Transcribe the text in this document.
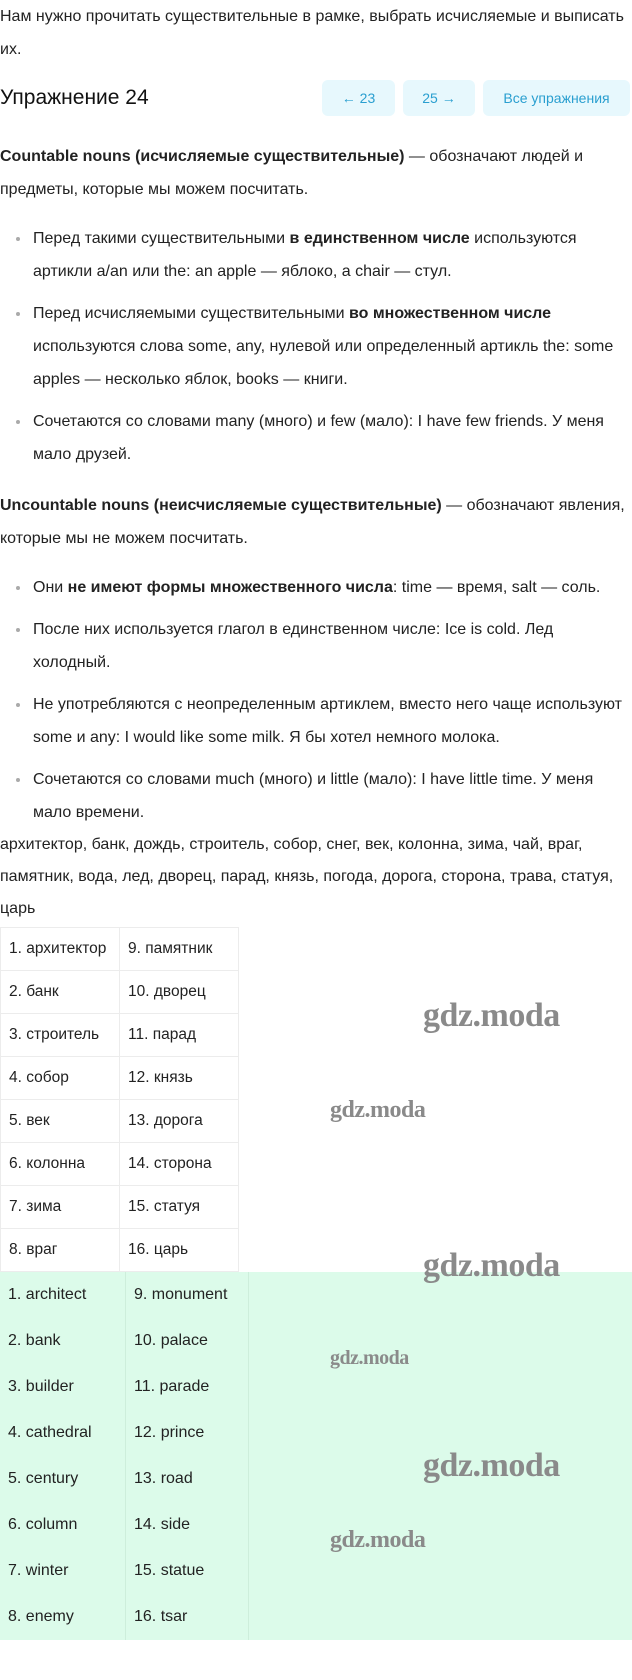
Нам нужно прочитать существительные в рамке, выбрать исчисляемые и выписать их.

Упражнение 24	← 23	25 →	Все упражнения

Countable nouns (исчисляемые существительные) — обозначают людей и предметы, которые мы можем посчитать.

Перед такими существительными в единственном числе используются артикли a/an или the: an apple — яблоко, a chair — стул.
Перед исчисляемыми существительными во множественном числе используются слова some, any, нулевой или определенный артикль the: some apples — несколько яблок, books — книги.
Сочетаются со словами many (много) и few (мало): I have few friends. У меня мало друзей.

Uncountable nouns (неисчисляемые существительные) — обозначают явления, которые мы не можем посчитать.

Они не имеют формы множественного числа: time — время, salt — соль.
После них используется глагол в единственном числе: Ice is cold. Лед холодный.
Не употребляются с неопределенным артиклем, вместо него чаще используют some и any: I would like some milk. Я бы хотел немного молока.
Сочетаются со словами much (много) и little (мало): I have little time. У меня мало времени.

архитектор, банк, дождь, строитель, собор, снег, век, колонна, зима, чай, враг, памятник, вода, лед, дворец, парад, князь, погода, дорога, сторона, трава, статуя, царь

1. архитектор	9. памятник
2. банк	10. дворец
3. строитель	11. парад
4. собор	12. князь
5. век	13. дорога
6. колонна	14. сторона
7. зима	15. статуя
8. враг	16. царь
1. architect	9. monument
2. bank	10. palace
3. builder	11. parade
4. cathedral	12. prince
5. century	13. road
6. column	14. side
7. winter	15. statue
8. enemy	16. tsar
gdz.moda
gdz.moda
gdz.moda
gdz.moda
gdz.moda
gdz.moda
